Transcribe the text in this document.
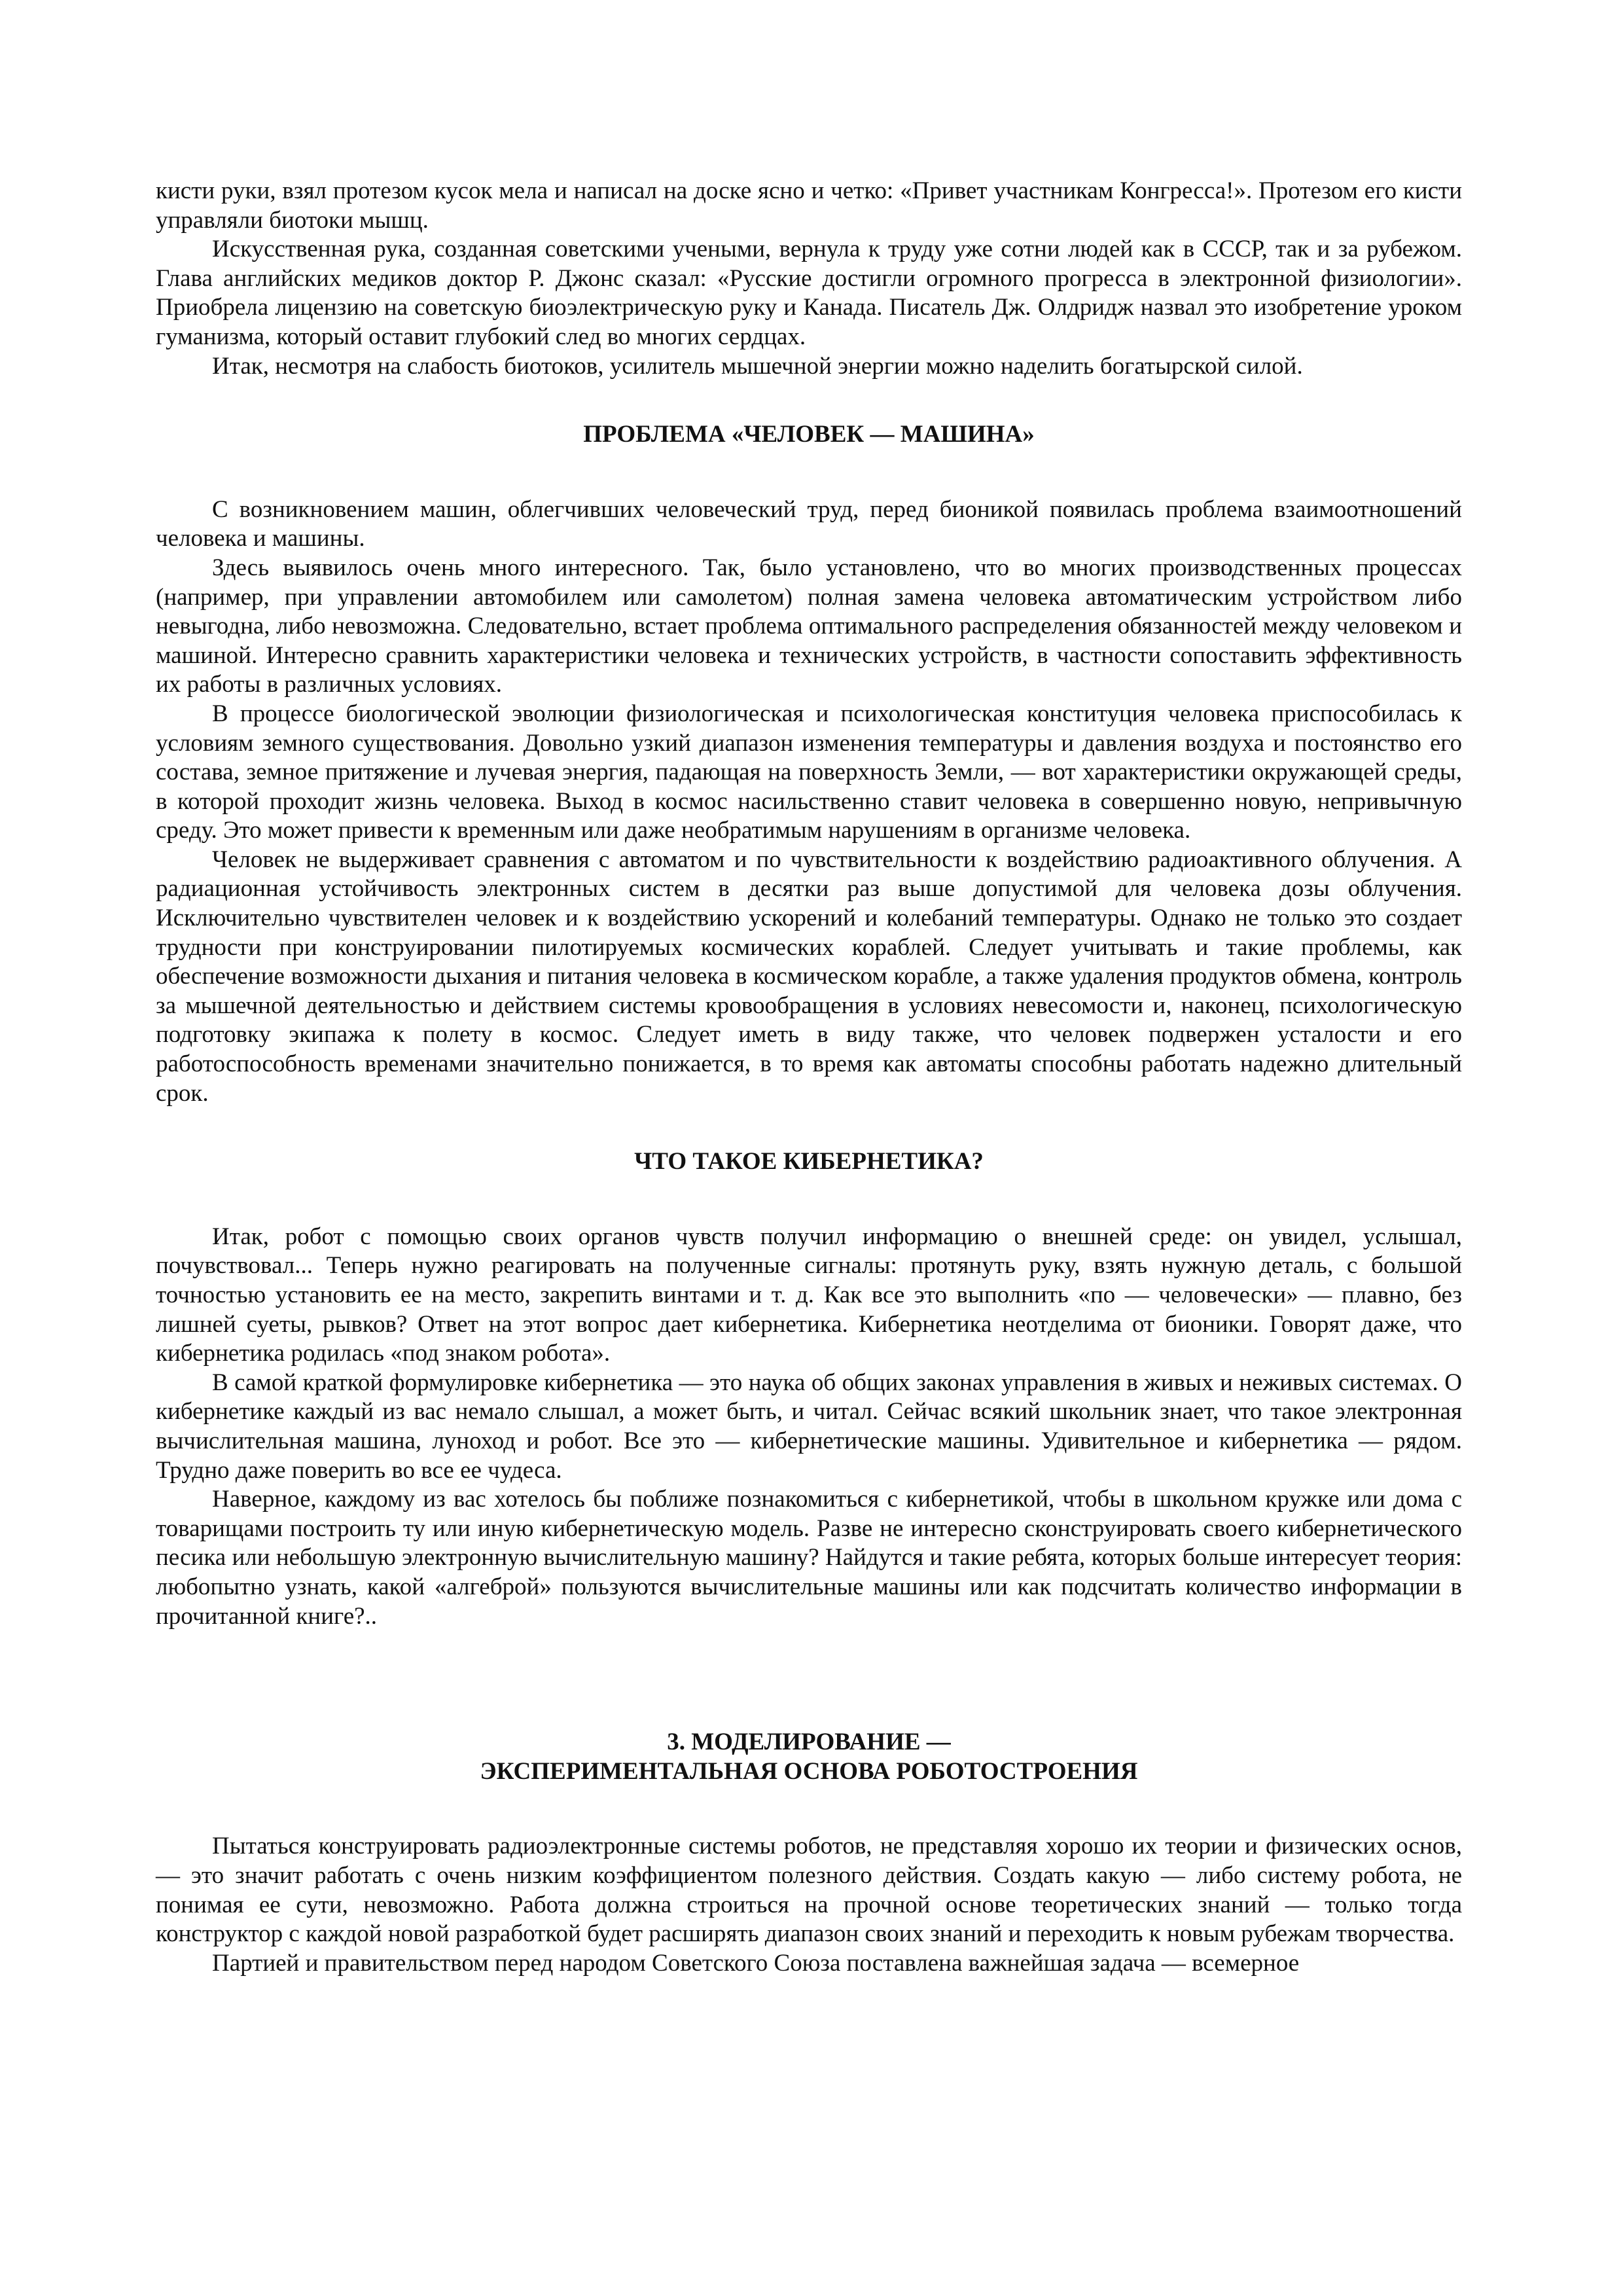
кисти руки, взял протезом кусок мела и написал на доске ясно и четко: «Привет участникам Конгресса!». Протезом его кисти управляли биотоки мышц.

Искусственная рука, созданная советскими учеными, вернула к труду уже сотни людей как в СССР, так и за рубежом. Глава английских медиков доктор Р. Джонс сказал: «Русские достигли огромного прогресса в электронной физиологии». Приобрела лицензию на советскую биоэлектрическую руку и Канада. Писатель Дж. Олдридж назвал это изобретение уроком гуманизма, который оставит глубокий след во многих сердцах.

Итак, несмотря на слабость биотоков, усилитель мышечной энергии можно наделить богатырской силой.

ПРОБЛЕМА «ЧЕЛОВЕК — МАШИНА»

С возникновением машин, облегчивших человеческий труд, перед бионикой появилась проблема взаимоотношений человека и машины.

Здесь выявилось очень много интересного. Так, было установлено, что во многих производственных процессах (например, при управлении автомобилем или самолетом) полная замена человека автоматическим устройством либо невыгодна, либо невозможна. Следовательно, встает проблема оптимального распределения обязанностей между человеком и машиной. Интересно сравнить характеристики человека и технических устройств, в частности сопоставить эффективность их работы в различных условиях.

В процессе биологической эволюции физиологическая и психологическая конституция человека приспособилась к условиям земного существования. Довольно узкий диапазон изменения температуры и давления воздуха и постоянство его состава, земное притяжение и лучевая энергия, падающая на поверхность Земли, — вот характеристики окружающей среды, в которой проходит жизнь человека. Выход в космос насильственно ставит человека в совершенно новую, непривычную среду. Это может привести к временным или даже необратимым нарушениям в организме человека.

Человек не выдерживает сравнения с автоматом и по чувствительности к воздействию радиоактивного облучения. А радиационная устойчивость электронных систем в десятки раз выше допустимой для человека дозы облучения. Исключительно чувствителен человек и к воздействию ускорений и колебаний температуры. Однако не только это создает трудности при конструировании пилотируемых космических кораблей. Следует учитывать и такие проблемы, как обеспечение возможности дыхания и питания человека в космическом корабле, а также удаления продуктов обмена, контроль за мышечной деятельностью и действием системы кровообращения в условиях невесомости и, наконец, психологическую подготовку экипажа к полету в космос. Следует иметь в виду также, что человек подвержен усталости и его работоспособность временами значительно понижается, в то время как автоматы способны работать надежно длительный срок.

ЧТО ТАКОЕ КИБЕРНЕТИКА?

Итак, робот с помощью своих органов чувств получил информацию о внешней среде: он увидел, услышал, почувствовал... Теперь нужно реагировать на полученные сигналы: протянуть руку, взять нужную деталь, с большой точностью установить ее на место, закрепить винтами и т. д. Как все это выполнить «по — человечески» — плавно, без лишней суеты, рывков? Ответ на этот вопрос дает кибернетика. Кибернетика неотделима от бионики. Говорят даже, что кибернетика родилась «под знаком робота».

В самой краткой формулировке кибернетика — это наука об общих законах управления в живых и неживых системах. О кибернетике каждый из вас немало слышал, а может быть, и читал. Сейчас всякий школьник знает, что такое электронная вычислительная машина, луноход и робот. Все это — кибернетические машины. Удивительное и кибернетика — рядом. Трудно даже поверить во все ее чудеса.

Наверное, каждому из вас хотелось бы поближе познакомиться с кибернетикой, чтобы в школьном кружке или дома с товарищами построить ту или иную кибернетическую модель. Разве не интересно сконструировать своего кибернетического песика или небольшую электронную вычислительную машину? Найдутся и такие ребята, которых больше интересует теория: любопытно узнать, какой «алгеброй» пользуются вычислительные машины или как подсчитать количество информации в прочитанной книге?..

3. МОДЕЛИРОВАНИЕ —
ЭКСПЕРИМЕНТАЛЬНАЯ ОСНОВА РОБОТОСТРОЕНИЯ

Пытаться конструировать радиоэлектронные системы роботов, не представляя хорошо их теории и физических основ, — это значит работать с очень низким коэффициентом полезного действия. Создать какую — либо систему робота, не понимая ее сути, невозможно. Работа должна строиться на прочной основе теоретических знаний — только тогда конструктор с каждой новой разработкой будет расширять диапазон своих знаний и переходить к новым рубежам творчества.

Партией и правительством перед народом Советского Союза поставлена важнейшая задача — всемерное
